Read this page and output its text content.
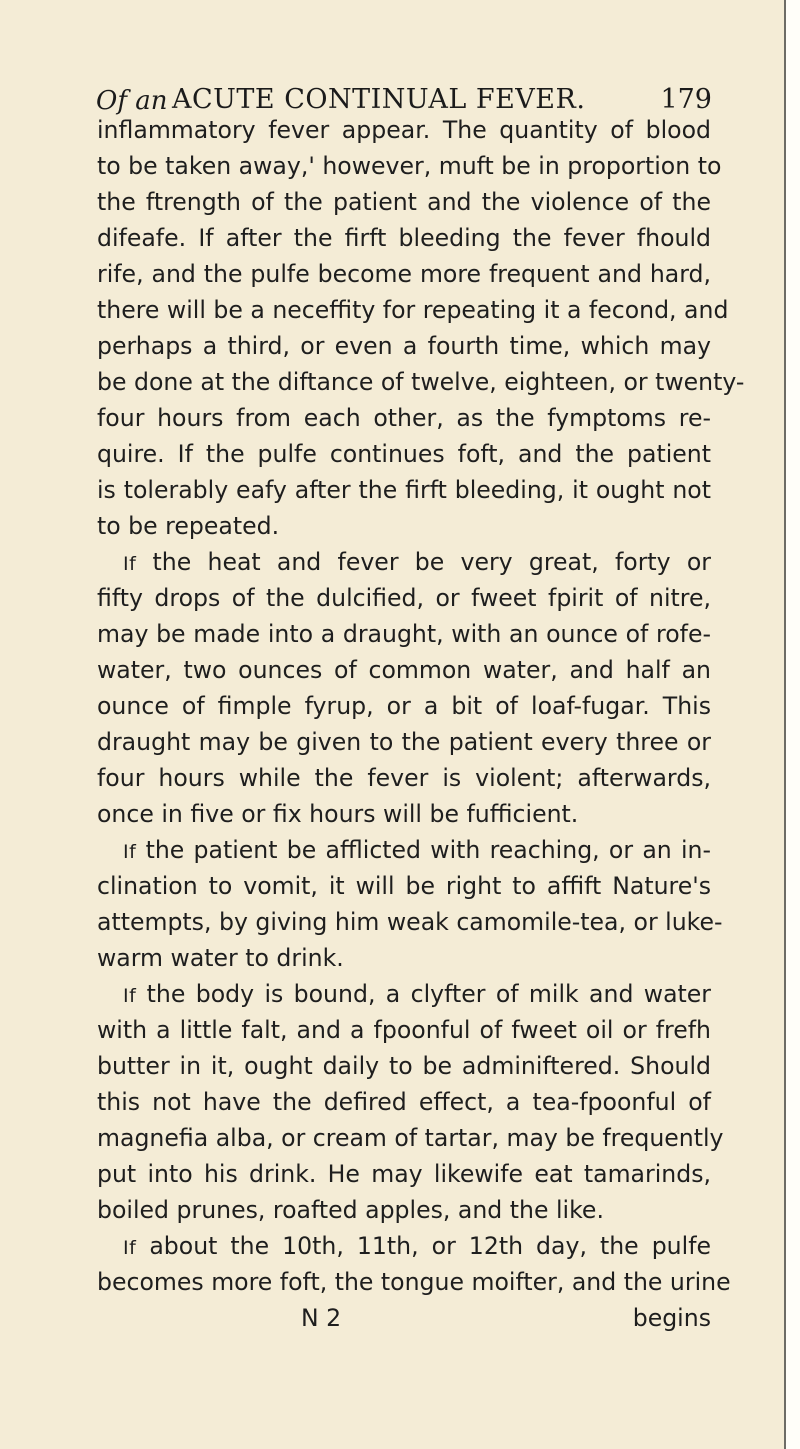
Of an ACUTE CONTINUAL FEVER.	179
inflammatory fever appear. The quantity of blood
to be taken away,' however, muft be in proportion to
the ftrength of the patient and the violence of the
difeafe. If after the firft bleeding the fever fhould
rife, and the pulfe become more frequent and hard,
there will be a neceffity for repeating it a fecond, and
perhaps a third, or even a fourth time, which may
be done at the diftance of twelve, eighteen, or twenty-
four hours from each other, as the fymptoms re-
quire. If the pulfe continues foft, and the patient
is tolerably eafy after the firft bleeding, it ought not
to be repeated.
If the heat and fever be very great, forty or
fifty drops of the dulcified, or fweet fpirit of nitre,
may be made into a draught, with an ounce of rofe-
water, two ounces of common water, and half an
ounce of fimple fyrup, or a bit of loaf-fugar. This
draught may be given to the patient every three or
four hours while the fever is violent; afterwards,
once in five or fix hours will be fufficient.
If the patient be afflicted with reaching, or an in-
clination to vomit, it will be right to affift Nature's
attempts, by giving him weak camomile-tea, or luke-
warm water to drink.
If the body is bound, a clyfter of milk and water
with a little falt, and a fpoonful of fweet oil or frefh
butter in it, ought daily to be adminiftered. Should
this not have the defired effect, a tea-fpoonful of
magnefia alba, or cream of tartar, may be frequently
put into his drink. He may likewife eat tamarinds,
boiled prunes, roafted apples, and the like.
If about the 10th, 11th, or 12th day, the pulfe
becomes more foft, the tongue moifter, and the urine
N 2	begins
